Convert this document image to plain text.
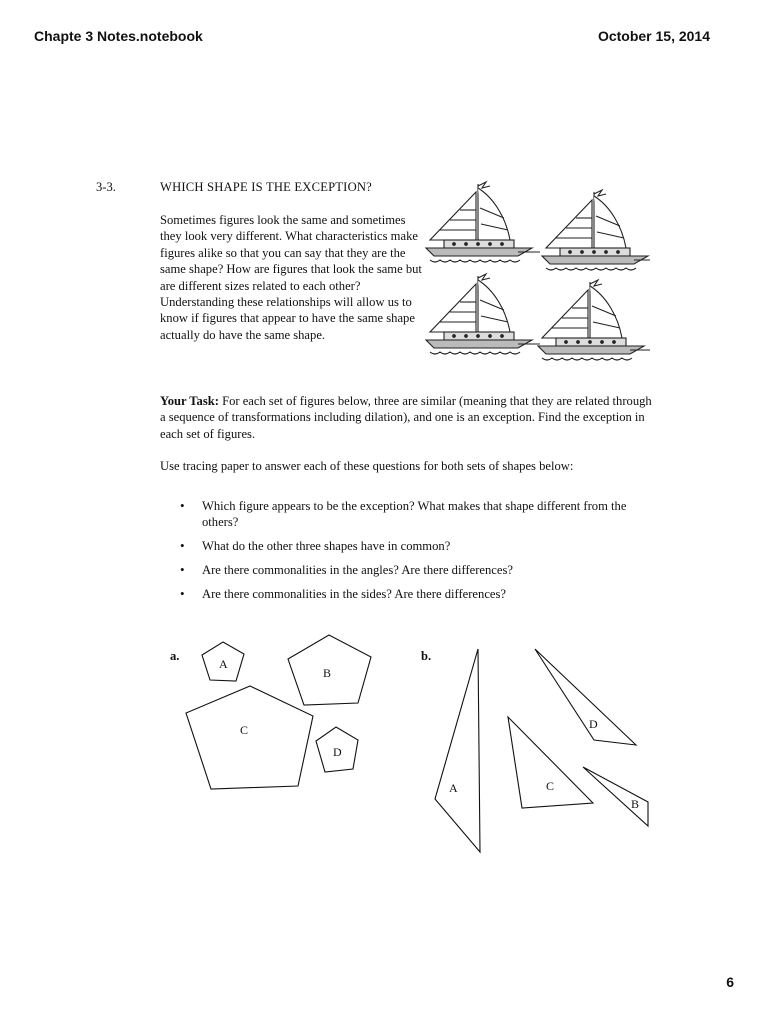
Chapte 3 Notes.notebook	October 15, 2014
3-3.	WHICH SHAPE IS THE EXCEPTION?
Sometimes figures look the same and sometimes they look very different. What characteristics make figures alike so that you can say that they are the same shape? How are figures that look the same but are different sizes related to each other? Understanding these relationships will allow us to know if figures that appear to have the same shape actually do have the same shape.
Your Task: For each set of figures below, three are similar (meaning that they are related through a sequence of transformations including dilation), and one is an exception. Find the exception in each set of figures.
Use tracing paper to answer each of these questions for both sets of shapes below:
• Which figure appears to be the exception? What makes that shape different from the others?
• What do the other three shapes have in common?
• Are there commonalities in the angles? Are there differences?
• Are there commonalities in the sides? Are there differences?
a.
A
B
C
D
b.
A
B
C
D
6
